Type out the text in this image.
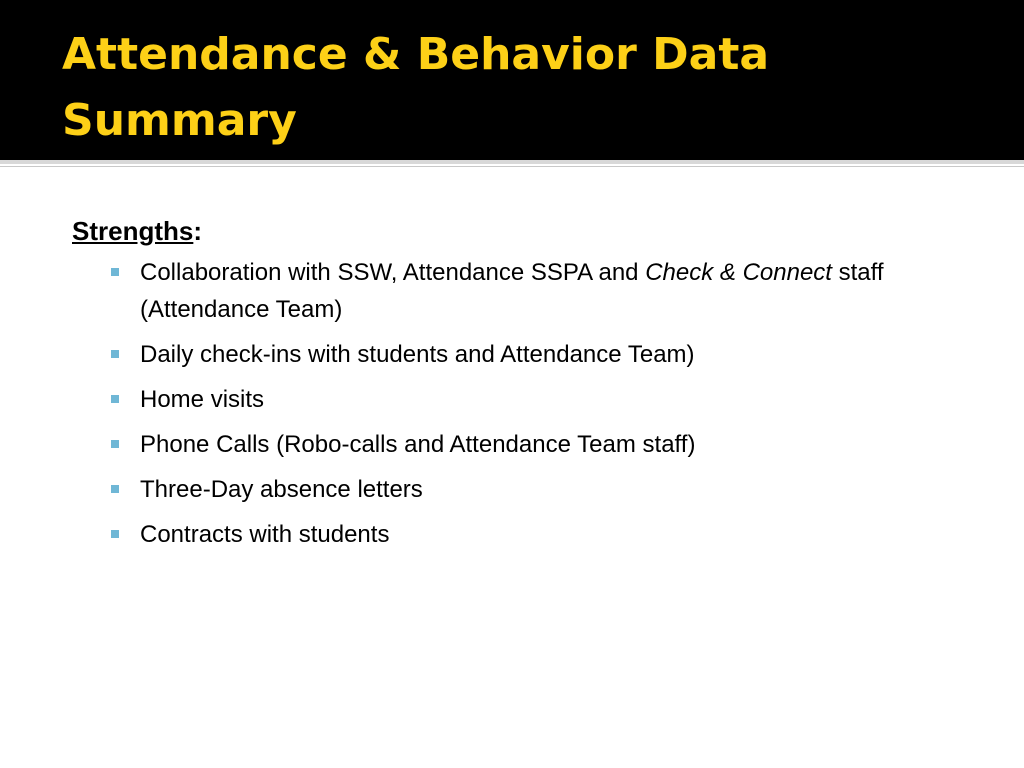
Attendance & Behavior Data
Summary

Strengths:

Collaboration with SSW, Attendance SSPA and Check & Connect staff (Attendance Team)
Daily check-ins with students and Attendance Team)
Home visits
Phone Calls (Robo-calls and Attendance Team staff)
Three-Day absence letters
Contracts with students
